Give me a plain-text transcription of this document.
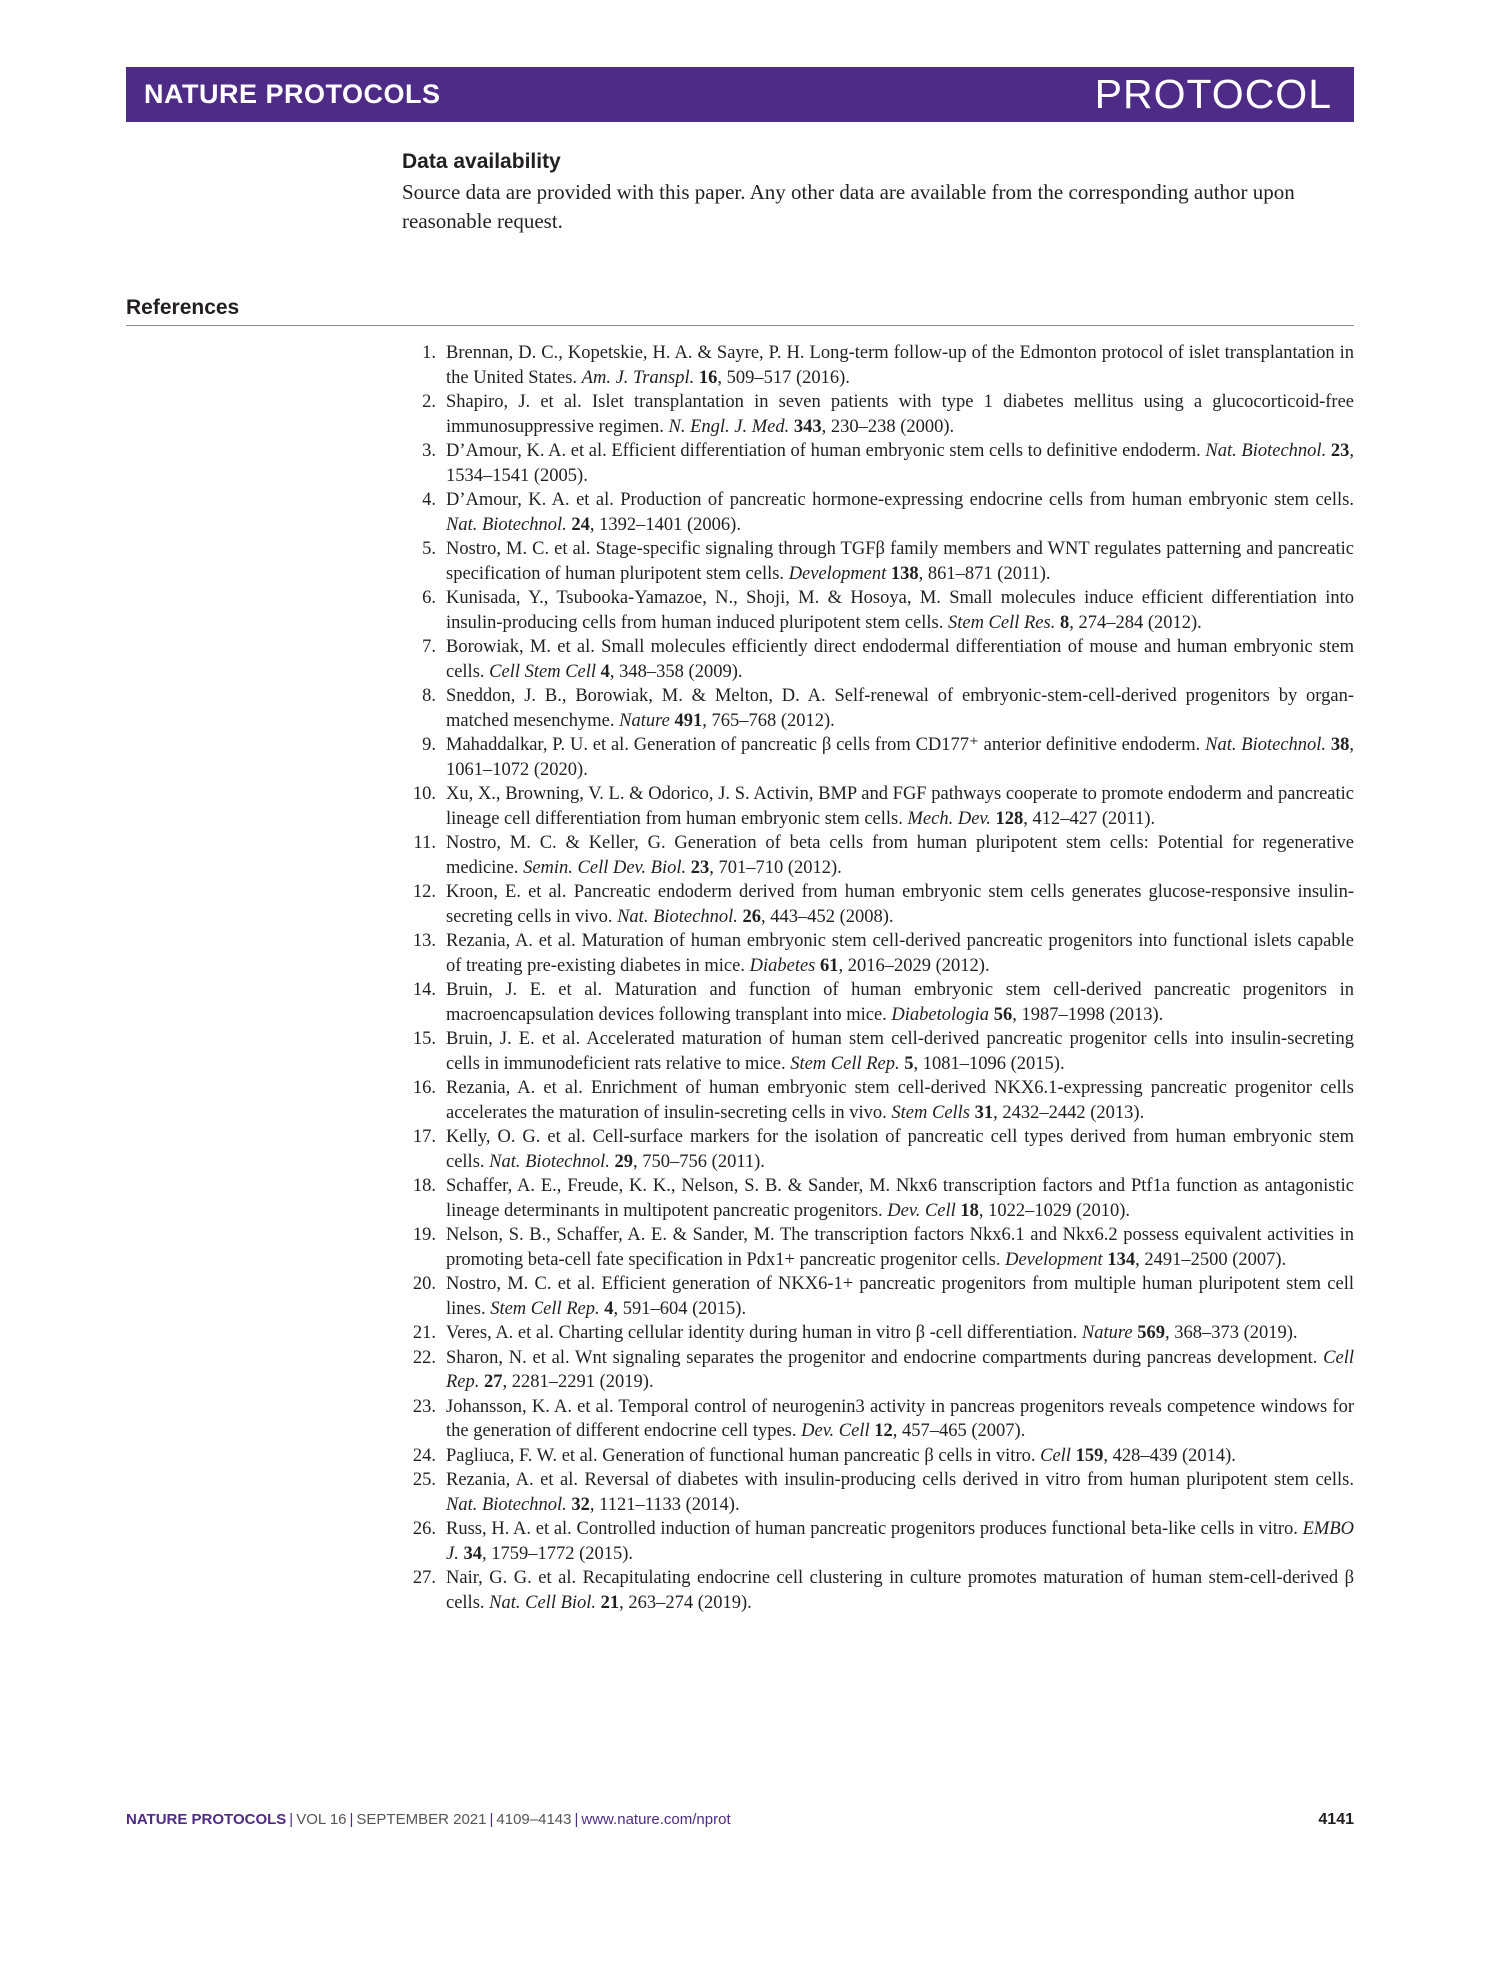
NATURE PROTOCOLS	PROTOCOL
Data availability

Source data are provided with this paper. Any other data are available from the corresponding author upon reasonable request.

References
1. Brennan, D. C., Kopetskie, H. A. & Sayre, P. H. Long-term follow-up of the Edmonton protocol of islet transplantation in the United States. Am. J. Transpl. 16, 509–517 (2016).
2. Shapiro, J. et al. Islet transplantation in seven patients with type 1 diabetes mellitus using a glucocorticoid-free immunosuppressive regimen. N. Engl. J. Med. 343, 230–238 (2000).
3. D’Amour, K. A. et al. Efficient differentiation of human embryonic stem cells to definitive endoderm. Nat. Biotechnol. 23, 1534–1541 (2005).
4. D’Amour, K. A. et al. Production of pancreatic hormone-expressing endocrine cells from human embryonic stem cells. Nat. Biotechnol. 24, 1392–1401 (2006).
5. Nostro, M. C. et al. Stage-specific signaling through TGFβ family members and WNT regulates patterning and pancreatic specification of human pluripotent stem cells. Development 138, 861–871 (2011).
6. Kunisada, Y., Tsubooka-Yamazoe, N., Shoji, M. & Hosoya, M. Small molecules induce efficient differentiation into insulin-producing cells from human induced pluripotent stem cells. Stem Cell Res. 8, 274–284 (2012).
7. Borowiak, M. et al. Small molecules efficiently direct endodermal differentiation of mouse and human embryonic stem cells. Cell Stem Cell 4, 348–358 (2009).
8. Sneddon, J. B., Borowiak, M. & Melton, D. A. Self-renewal of embryonic-stem-cell-derived progenitors by organ-matched mesenchyme. Nature 491, 765–768 (2012).
9. Mahaddalkar, P. U. et al. Generation of pancreatic β cells from CD177⁺ anterior definitive endoderm. Nat. Biotechnol. 38, 1061–1072 (2020).
10. Xu, X., Browning, V. L. & Odorico, J. S. Activin, BMP and FGF pathways cooperate to promote endoderm and pancreatic lineage cell differentiation from human embryonic stem cells. Mech. Dev. 128, 412–427 (2011).
11. Nostro, M. C. & Keller, G. Generation of beta cells from human pluripotent stem cells: Potential for regenerative medicine. Semin. Cell Dev. Biol. 23, 701–710 (2012).
12. Kroon, E. et al. Pancreatic endoderm derived from human embryonic stem cells generates glucose-responsive insulin-secreting cells in vivo. Nat. Biotechnol. 26, 443–452 (2008).
13. Rezania, A. et al. Maturation of human embryonic stem cell-derived pancreatic progenitors into functional islets capable of treating pre-existing diabetes in mice. Diabetes 61, 2016–2029 (2012).
14. Bruin, J. E. et al. Maturation and function of human embryonic stem cell-derived pancreatic progenitors in macroencapsulation devices following transplant into mice. Diabetologia 56, 1987–1998 (2013).
15. Bruin, J. E. et al. Accelerated maturation of human stem cell-derived pancreatic progenitor cells into insulin-secreting cells in immunodeficient rats relative to mice. Stem Cell Rep. 5, 1081–1096 (2015).
16. Rezania, A. et al. Enrichment of human embryonic stem cell-derived NKX6.1-expressing pancreatic progenitor cells accelerates the maturation of insulin-secreting cells in vivo. Stem Cells 31, 2432–2442 (2013).
17. Kelly, O. G. et al. Cell-surface markers for the isolation of pancreatic cell types derived from human embryonic stem cells. Nat. Biotechnol. 29, 750–756 (2011).
18. Schaffer, A. E., Freude, K. K., Nelson, S. B. & Sander, M. Nkx6 transcription factors and Ptf1a function as antagonistic lineage determinants in multipotent pancreatic progenitors. Dev. Cell 18, 1022–1029 (2010).
19. Nelson, S. B., Schaffer, A. E. & Sander, M. The transcription factors Nkx6.1 and Nkx6.2 possess equivalent activities in promoting beta-cell fate specification in Pdx1+ pancreatic progenitor cells. Development 134, 2491–2500 (2007).
20. Nostro, M. C. et al. Efficient generation of NKX6-1+ pancreatic progenitors from multiple human pluripotent stem cell lines. Stem Cell Rep. 4, 591–604 (2015).
21. Veres, A. et al. Charting cellular identity during human in vitro β -cell differentiation. Nature 569, 368–373 (2019).
22. Sharon, N. et al. Wnt signaling separates the progenitor and endocrine compartments during pancreas development. Cell Rep. 27, 2281–2291 (2019).
23. Johansson, K. A. et al. Temporal control of neurogenin3 activity in pancreas progenitors reveals competence windows for the generation of different endocrine cell types. Dev. Cell 12, 457–465 (2007).
24. Pagliuca, F. W. et al. Generation of functional human pancreatic β cells in vitro. Cell 159, 428–439 (2014).
25. Rezania, A. et al. Reversal of diabetes with insulin-producing cells derived in vitro from human pluripotent stem cells. Nat. Biotechnol. 32, 1121–1133 (2014).
26. Russ, H. A. et al. Controlled induction of human pancreatic progenitors produces functional beta-like cells in vitro. EMBO J. 34, 1759–1772 (2015).
27. Nair, G. G. et al. Recapitulating endocrine cell clustering in culture promotes maturation of human stem-cell-derived β cells. Nat. Cell Biol. 21, 263–274 (2019).
NATURE PROTOCOLS | VOL 16 | SEPTEMBER 2021 | 4109–4143 | www.nature.com/nprot	4141
